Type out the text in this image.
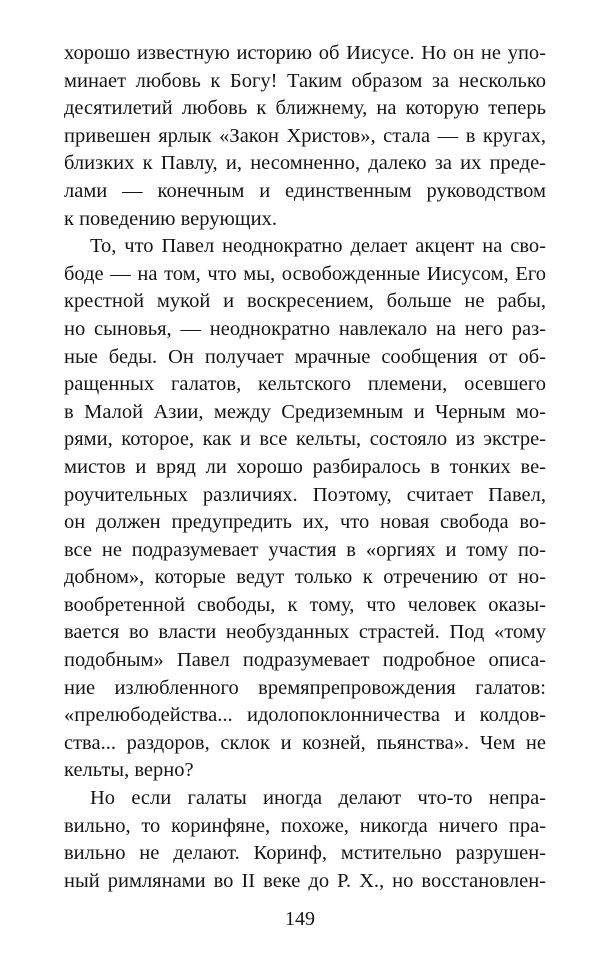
хорошо известную историю об Иисусе. Но он не упо-
минает любовь к Богу! Таким образом за несколько
десятилетий любовь к ближнему, на которую теперь
привешен ярлык «Закон Христов», стала — в кругах,
близких к Павлу, и, несомненно, далеко за их преде-
лами — конечным и единственным руководством
к поведению верующих.
То, что Павел неоднократно делает акцент на сво-
боде — на том, что мы, освобожденные Иисусом, Его
крестной мукой и воскресением, больше не рабы,
но сыновья, — неоднократно навлекало на него раз-
ные беды. Он получает мрачные сообщения от об-
ращенных галатов, кельтского племени, осевшего
в Малой Азии, между Средиземным и Черным мо-
рями, которое, как и все кельты, состояло из экстре-
мистов и вряд ли хорошо разбиралось в тонких ве-
роучительных различиях. Поэтому, считает Павел,
он должен предупредить их, что новая свобода во-
все не подразумевает участия в «оргиях и тому по-
добном», которые ведут только к отречению от но-
вообретенной свободы, к тому, что человек оказы-
вается во власти необузданных страстей. Под «тому
подобным» Павел подразумевает подробное описа-
ние излюбленного времяпрепровождения галатов:
«прелюбодейства... идолопоклонничества и колдов-
ства... раздоров, склок и козней, пьянства». Чем не
кельты, верно?
Но если галаты иногда делают что-то непра-
вильно, то коринфяне, похоже, никогда ничего пра-
вильно не делают. Коринф, мстительно разрушен-
ный римлянами во II веке до Р. Х., но восстановлен-
149
